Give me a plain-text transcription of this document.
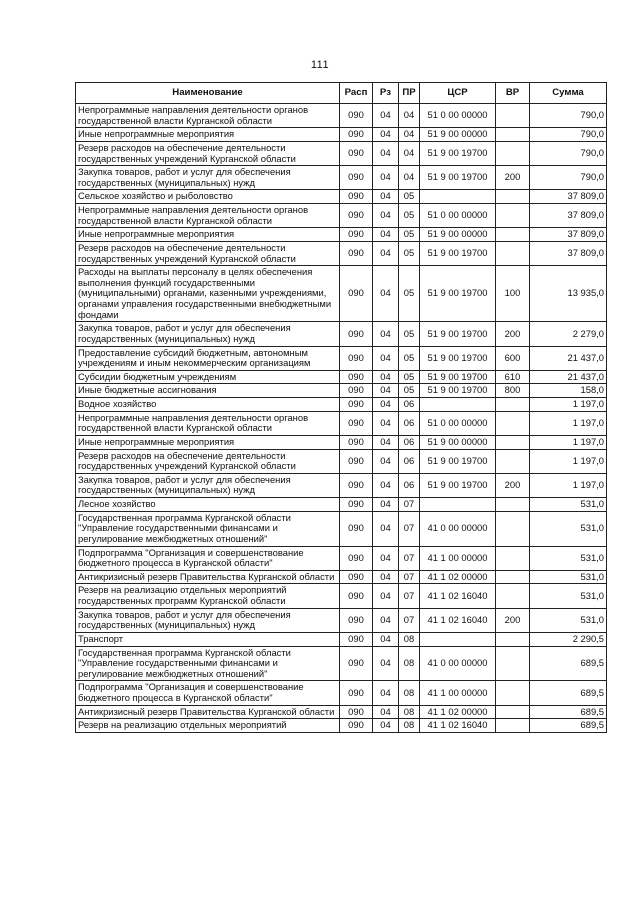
111
Наименование	Расп	Рз	ПР	ЦСР	ВР	Сумма
Непрограммные направления деятельности органов государственной власти Курганской области	090	04	04	51 0 00 00000		790,0
Иные непрограммные мероприятия	090	04	04	51 9 00 00000		790,0
Резерв расходов на обеспечение деятельности государственных учреждений Курганской области	090	04	04	51 9 00 19700		790,0
Закупка товаров, работ и услуг для обеспечения государственных (муниципальных) нужд	090	04	04	51 9 00 19700	200	790,0
Сельское хозяйство и рыболовство	090	04	05			37 809,0
Непрограммные направления деятельности органов государственной власти Курганской области	090	04	05	51 0 00 00000		37 809,0
Иные непрограммные мероприятия	090	04	05	51 9 00 00000		37 809,0
Резерв расходов на обеспечение деятельности государственных учреждений Курганской области	090	04	05	51 9 00 19700		37 809,0
Расходы на выплаты персоналу в целях обеспечения выполнения функций государственными (муниципальными) органами, казенными учреждениями, органами управления государственными внебюджетными фондами	090	04	05	51 9 00 19700	100	13 935,0
Закупка товаров, работ и услуг для обеспечения государственных (муниципальных) нужд	090	04	05	51 9 00 19700	200	2 279,0
Предоставление субсидий бюджетным, автономным учреждениям и иным некоммерческим организациям	090	04	05	51 9 00 19700	600	21 437,0
Субсидии бюджетным учреждениям	090	04	05	51 9 00 19700	610	21 437,0
Иные бюджетные ассигнования	090	04	05	51 9 00 19700	800	158,0
Водное хозяйство	090	04	06			1 197,0
Непрограммные направления деятельности органов государственной власти Курганской области	090	04	06	51 0 00 00000		1 197,0
Иные непрограммные мероприятия	090	04	06	51 9 00 00000		1 197,0
Резерв расходов на обеспечение деятельности государственных учреждений Курганской области	090	04	06	51 9 00 19700		1 197,0
Закупка товаров, работ и услуг для обеспечения государственных (муниципальных) нужд	090	04	06	51 9 00 19700	200	1 197,0
Лесное хозяйство	090	04	07			531,0
Государственная программа Курганской области "Управление государственными финансами и регулирование межбюджетных отношений"	090	04	07	41 0 00 00000		531,0
Подпрограмма "Организация и совершенствование бюджетного процесса в Курганской области"	090	04	07	41 1 00 00000		531,0
Антикризисный резерв Правительства Курганской области	090	04	07	41 1 02 00000		531,0
Резерв на реализацию отдельных мероприятий государственных программ Курганской области	090	04	07	41 1 02 16040		531,0
Закупка товаров, работ и услуг для обеспечения государственных (муниципальных) нужд	090	04	07	41 1 02 16040	200	531,0
Транспорт	090	04	08			2 290,5
Государственная программа Курганской области "Управление государственными финансами и регулирование межбюджетных отношений"	090	04	08	41 0 00 00000		689,5
Подпрограмма "Организация и совершенствование бюджетного процесса в Курганской области"	090	04	08	41 1 00 00000		689,5
Антикризисный резерв Правительства Курганской области	090	04	08	41 1 02 00000		689,5
Резерв на реализацию отдельных мероприятий	090	04	08	41 1 02 16040		689,5
